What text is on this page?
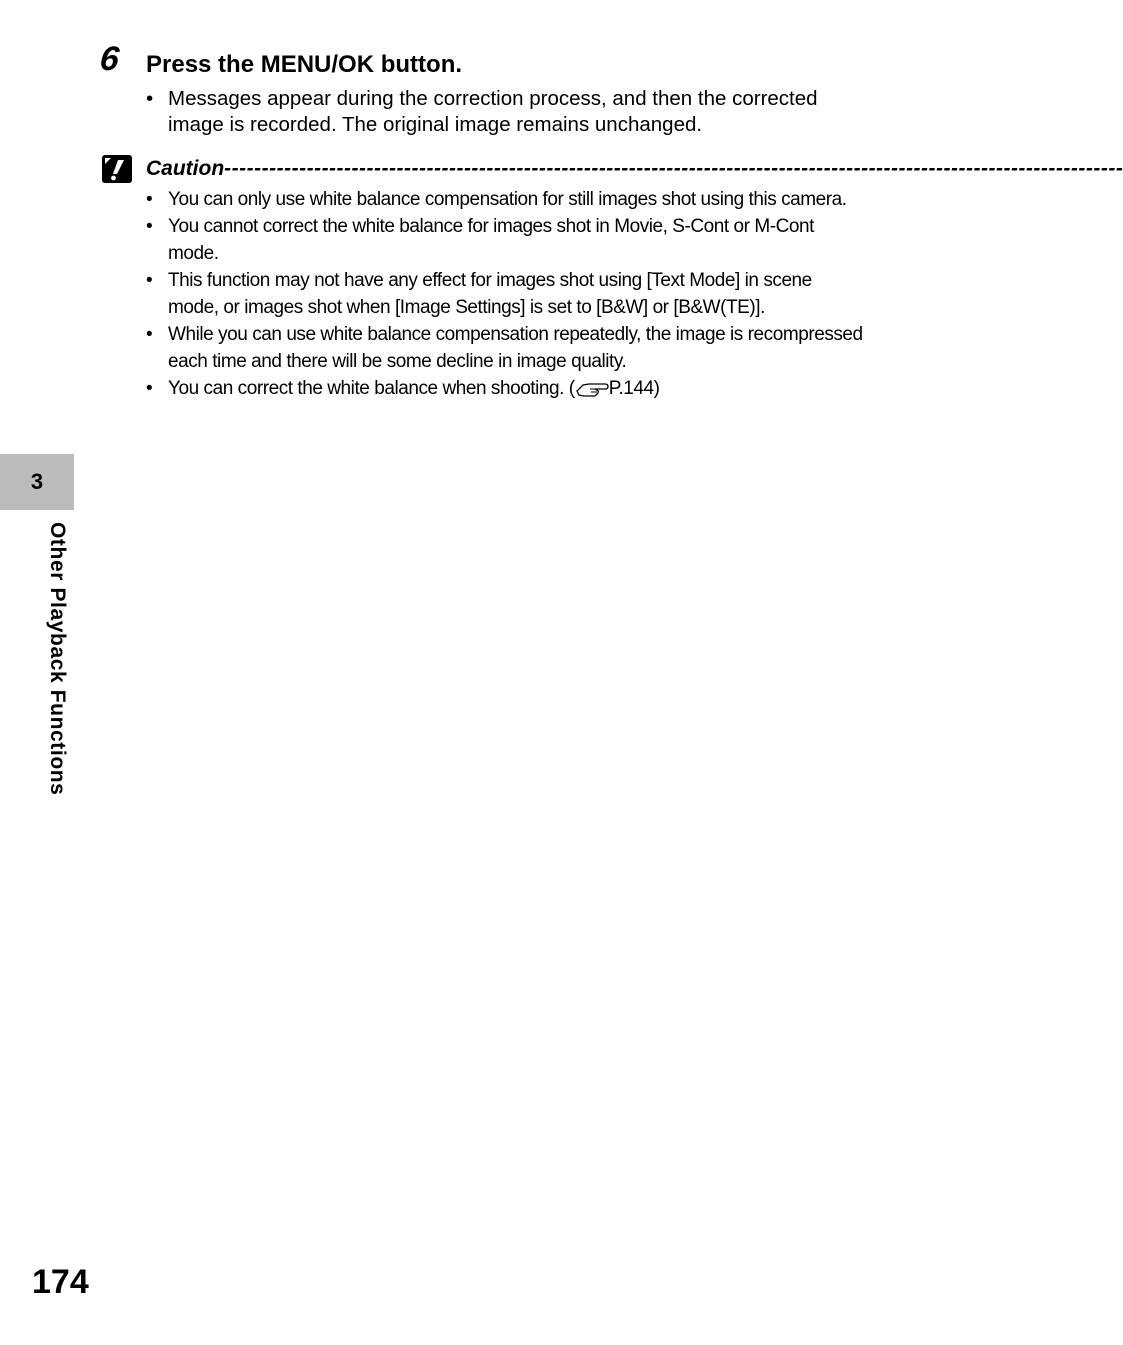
6 Press the MENU/OK button.
• Messages appear during the correction process, and then the corrected image is recorded. The original image remains unchanged.
Caution ------------------------------------------------------------------------------------------------------------------------
• You can only use white balance compensation for still images shot using this camera.
• You cannot correct the white balance for images shot in Movie, S-Cont or M-Cont mode.
• This function may not have any effect for images shot using [Text Mode] in scene mode, or images shot when [Image Settings] is set to [B&W] or [B&W(TE)].
• While you can use white balance compensation repeatedly, the image is recompressed each time and there will be some decline in image quality.
• You can correct the white balance when shooting. ( P.144)
3
Other Playback Functions
174
